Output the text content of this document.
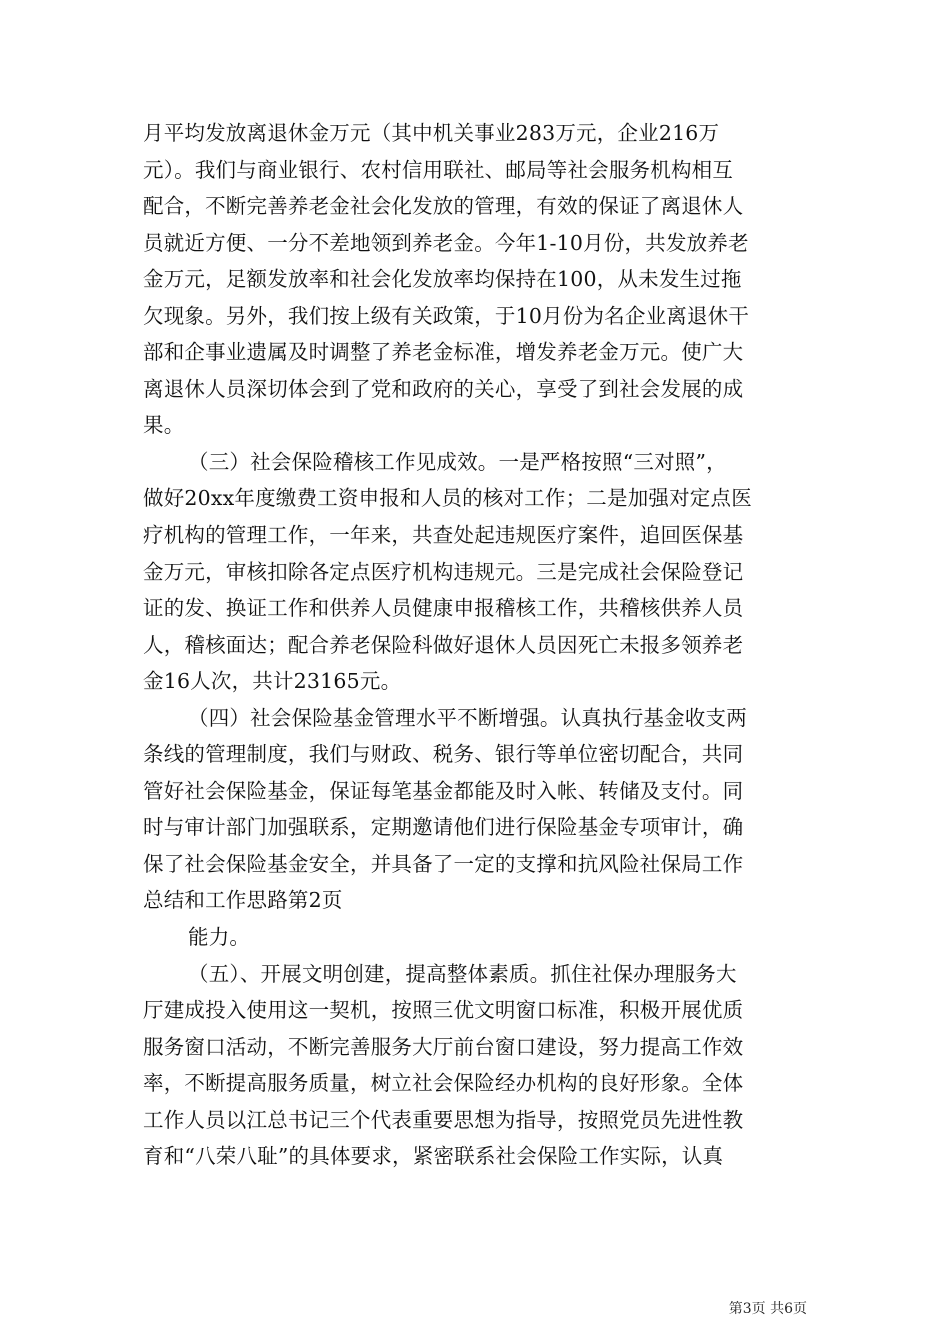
月平均发放离退休金万元（其中机关事业283万元，企业216万
元）。我们与商业银行、农村信用联社、邮局等社会服务机构相互
配合，不断完善养老金社会化发放的管理，有效的保证了离退休人
员就近方便、一分不差地领到养老金。今年1-10月份，共发放养老
金万元，足额发放率和社会化发放率均保持在100，从未发生过拖
欠现象。另外，我们按上级有关政策，于10月份为名企业离退休干
部和企事业遗属及时调整了养老金标准，增发养老金万元。使广大
离退休人员深切体会到了党和政府的关心，享受了到社会发展的成
果。
（三）社会保险稽核工作见成效。一是严格按照“三对照”，
做好20xx年度缴费工资申报和人员的核对工作；二是加强对定点医
疗机构的管理工作，一年来，共查处起违规医疗案件，追回医保基
金万元，审核扣除各定点医疗机构违规元。三是完成社会保险登记
证的发、换证工作和供养人员健康申报稽核工作，共稽核供养人员
人，稽核面达；配合养老保险科做好退休人员因死亡未报多领养老
金16人次，共计23165元。
（四）社会保险基金管理水平不断增强。认真执行基金收支两
条线的管理制度，我们与财政、税务、银行等单位密切配合，共同
管好社会保险基金，保证每笔基金都能及时入帐、转储及支付。同
时与审计部门加强联系，定期邀请他们进行保险基金专项审计，确
保了社会保险基金安全，并具备了一定的支撑和抗风险社保局工作
总结和工作思路第2页
能力。
（五）、开展文明创建，提高整体素质。抓住社保办理服务大
厅建成投入使用这一契机，按照三优文明窗口标准，积极开展优质
服务窗口活动，不断完善服务大厅前台窗口建设，努力提高工作效
率，不断提高服务质量，树立社会保险经办机构的良好形象。全体
工作人员以江总书记三个代表重要思想为指导，按照党员先进性教
育和“八荣八耻”的具体要求，紧密联系社会保险工作实际，认真
第3页 共6页
